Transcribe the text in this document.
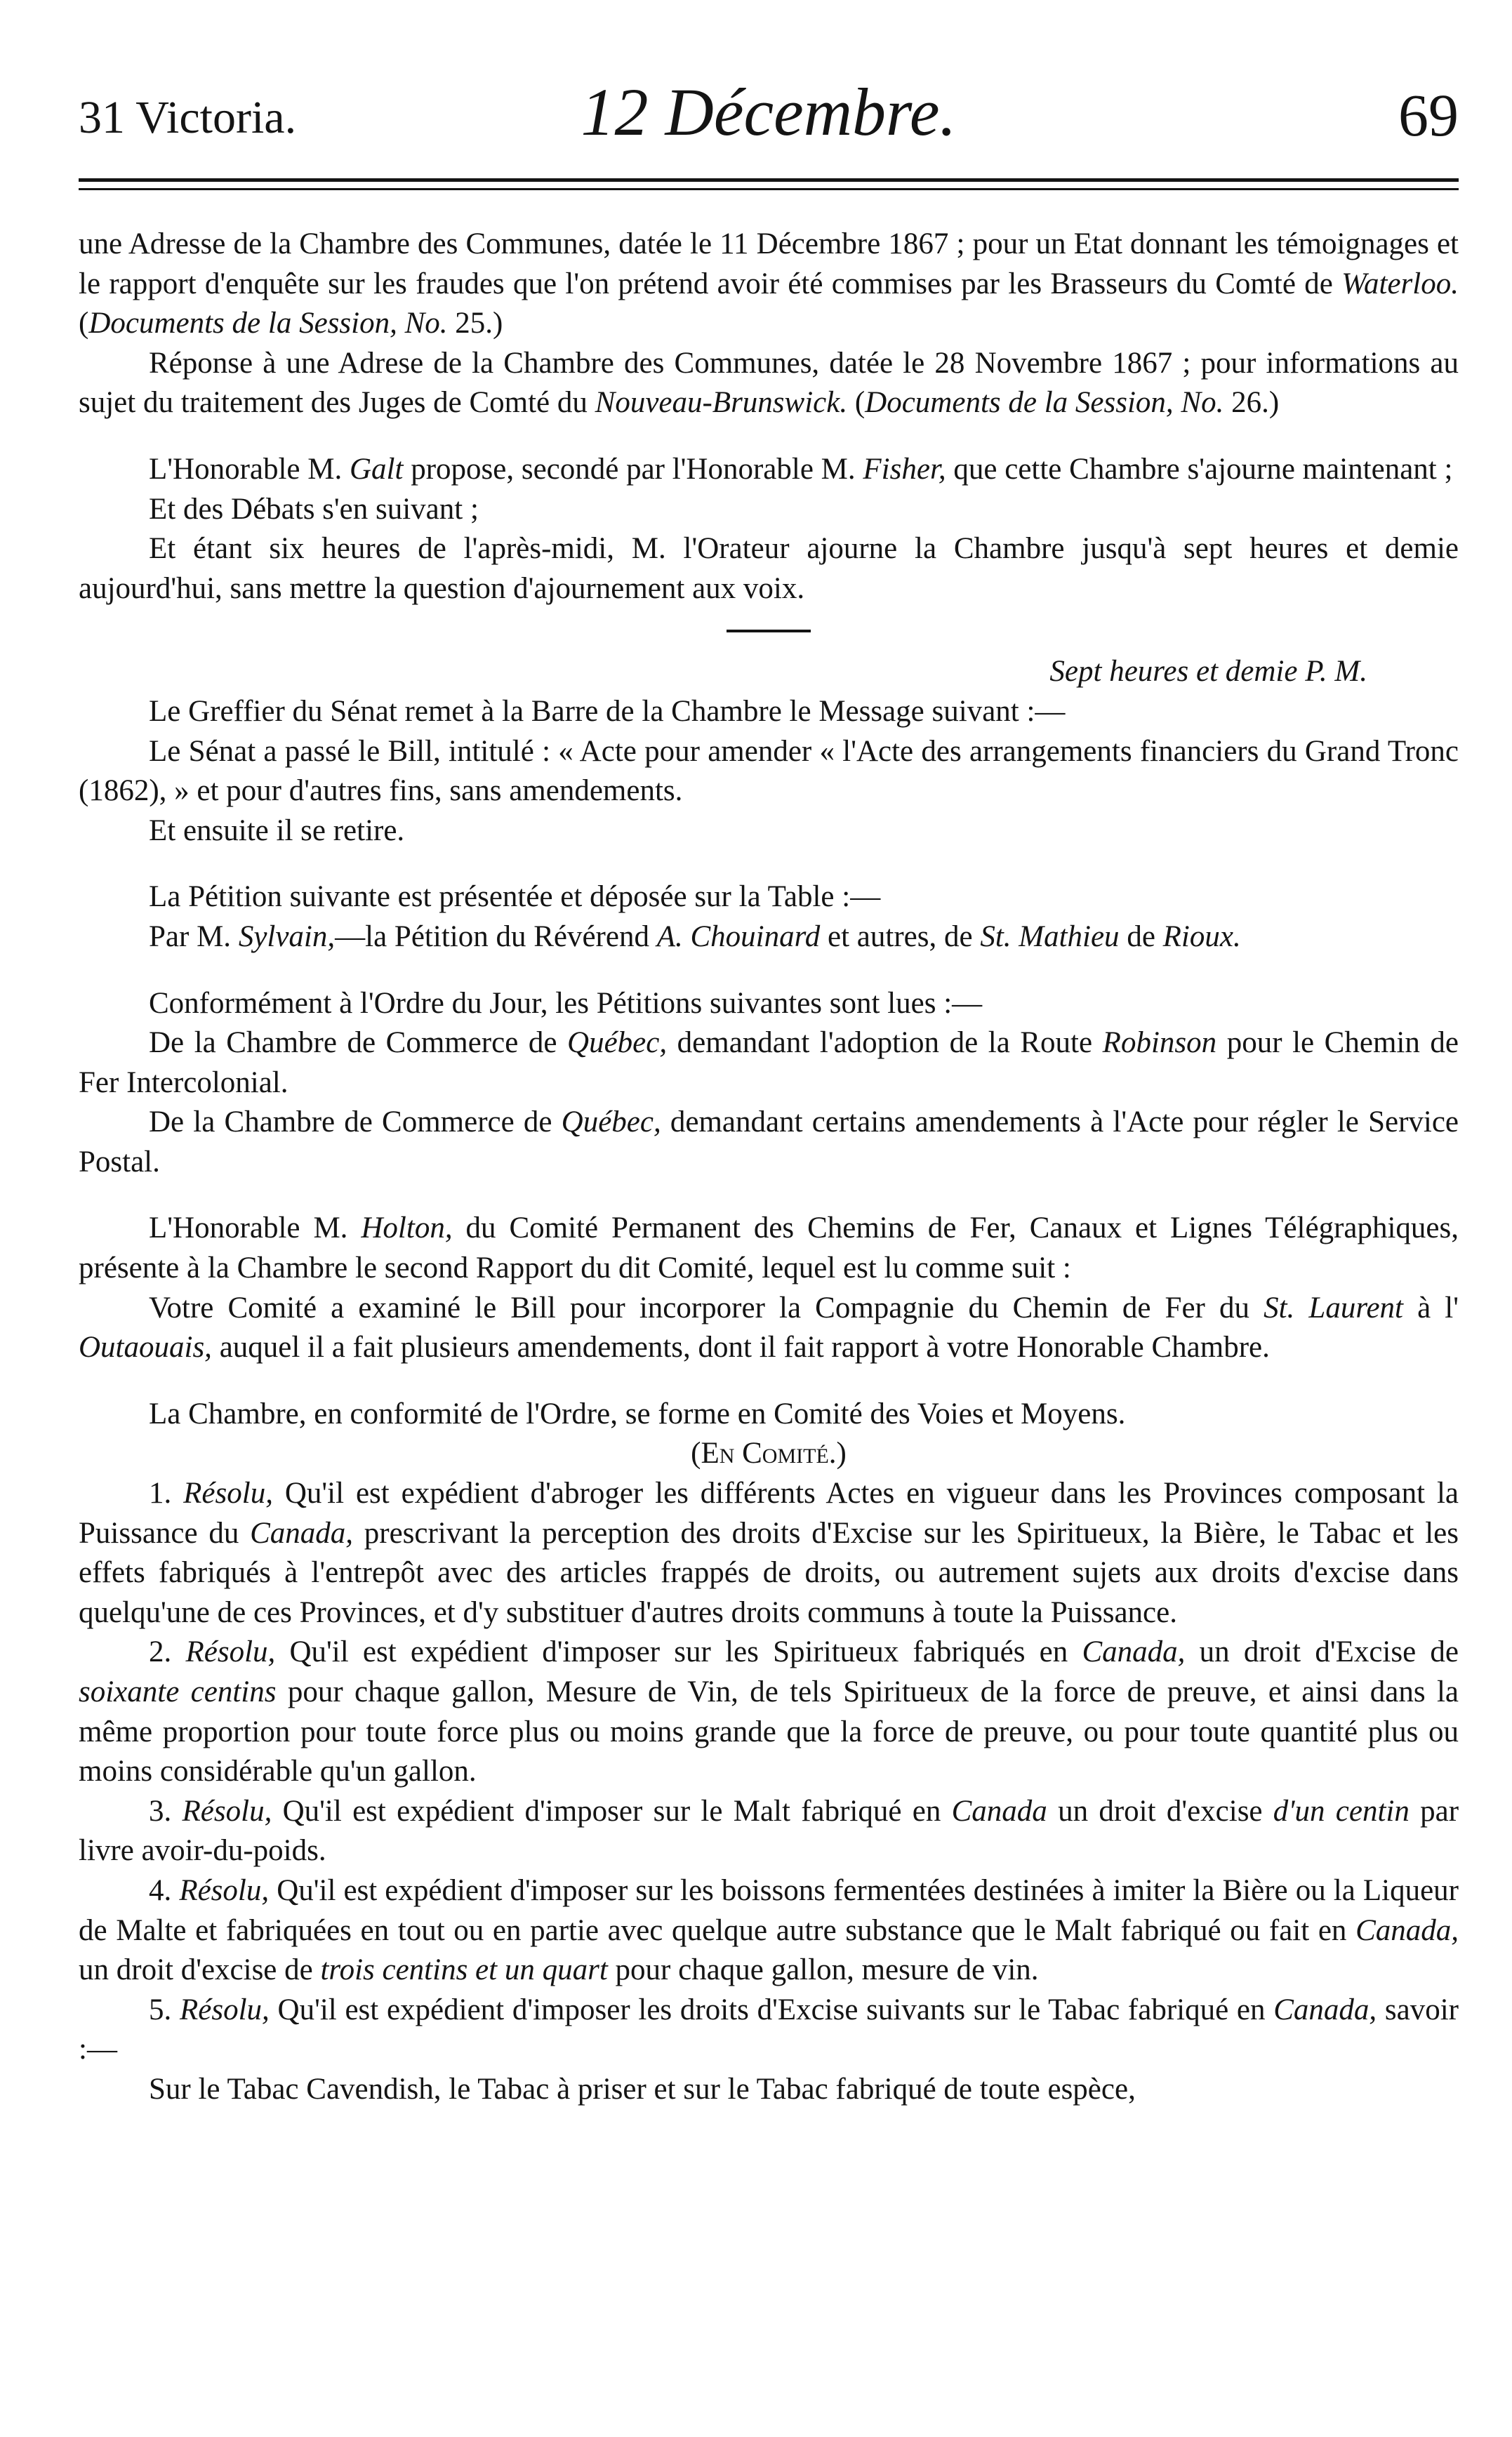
31 Victoria.	12 Décembre.	69

une Adresse de la Chambre des Communes, datée le 11 Décembre 1867 ; pour un Etat donnant les témoignages et le rapport d'enquête sur les fraudes que l'on prétend avoir été commises par les Brasseurs du Comté de Waterloo. (Documents de la Session, No. 25.)

Réponse à une Adrese de la Chambre des Communes, datée le 28 Novembre 1867 ; pour informations au sujet du traitement des Juges de Comté du Nouveau-Brunswick. (Documents de la Session, No. 26.)

L'Honorable M. Galt propose, secondé par l'Honorable M. Fisher, que cette Chambre s'ajourne maintenant ;

Et des Débats s'en suivant ;

Et étant six heures de l'après-midi, M. l'Orateur ajourne la Chambre jusqu'à sept heures et demie aujourd'hui, sans mettre la question d'ajournement aux voix.

Sept heures et demie P. M.

Le Greffier du Sénat remet à la Barre de la Chambre le Message suivant :—

Le Sénat a passé le Bill, intitulé : « Acte pour amender « l'Acte des arrangements financiers du Grand Tronc (1862), » et pour d'autres fins, sans amendements.

Et ensuite il se retire.

La Pétition suivante est présentée et déposée sur la Table :—

Par M. Sylvain,—la Pétition du Révérend A. Chouinard et autres, de St. Mathieu de Rioux.

Conformément à l'Ordre du Jour, les Pétitions suivantes sont lues :—

De la Chambre de Commerce de Québec, demandant l'adoption de la Route Robinson pour le Chemin de Fer Intercolonial.

De la Chambre de Commerce de Québec, demandant certains amendements à l'Acte pour régler le Service Postal.

L'Honorable M. Holton, du Comité Permanent des Chemins de Fer, Canaux et Lignes Télégraphiques, présente à la Chambre le second Rapport du dit Comité, lequel est lu comme suit :

Votre Comité a examiné le Bill pour incorporer la Compagnie du Chemin de Fer du St. Laurent à l' Outaouais, auquel il a fait plusieurs amendements, dont il fait rapport à votre Honorable Chambre.

La Chambre, en conformité de l'Ordre, se forme en Comité des Voies et Moyens.

(En Comité.)

1. Résolu, Qu'il est expédient d'abroger les différents Actes en vigueur dans les Provinces composant la Puissance du Canada, prescrivant la perception des droits d'Excise sur les Spiritueux, la Bière, le Tabac et les effets fabriqués à l'entrepôt avec des articles frappés de droits, ou autrement sujets aux droits d'excise dans quelqu'une de ces Provinces, et d'y substituer d'autres droits communs à toute la Puissance.

2. Résolu, Qu'il est expédient d'imposer sur les Spiritueux fabriqués en Canada, un droit d'Excise de soixante centins pour chaque gallon, Mesure de Vin, de tels Spiritueux de la force de preuve, et ainsi dans la même proportion pour toute force plus ou moins grande que la force de preuve, ou pour toute quantité plus ou moins considérable qu'un gallon.

3. Résolu, Qu'il est expédient d'imposer sur le Malt fabriqué en Canada un droit d'excise d'un centin par livre avoir-du-poids.

4. Résolu, Qu'il est expédient d'imposer sur les boissons fermentées destinées à imiter la Bière ou la Liqueur de Malte et fabriquées en tout ou en partie avec quelque autre substance que le Malt fabriqué ou fait en Canada, un droit d'excise de trois centins et un quart pour chaque gallon, mesure de vin.

5. Résolu, Qu'il est expédient d'imposer les droits d'Excise suivants sur le Tabac fabriqué en Canada, savoir :—

Sur le Tabac Cavendish, le Tabac à priser et sur le Tabac fabriqué de toute espèce,
